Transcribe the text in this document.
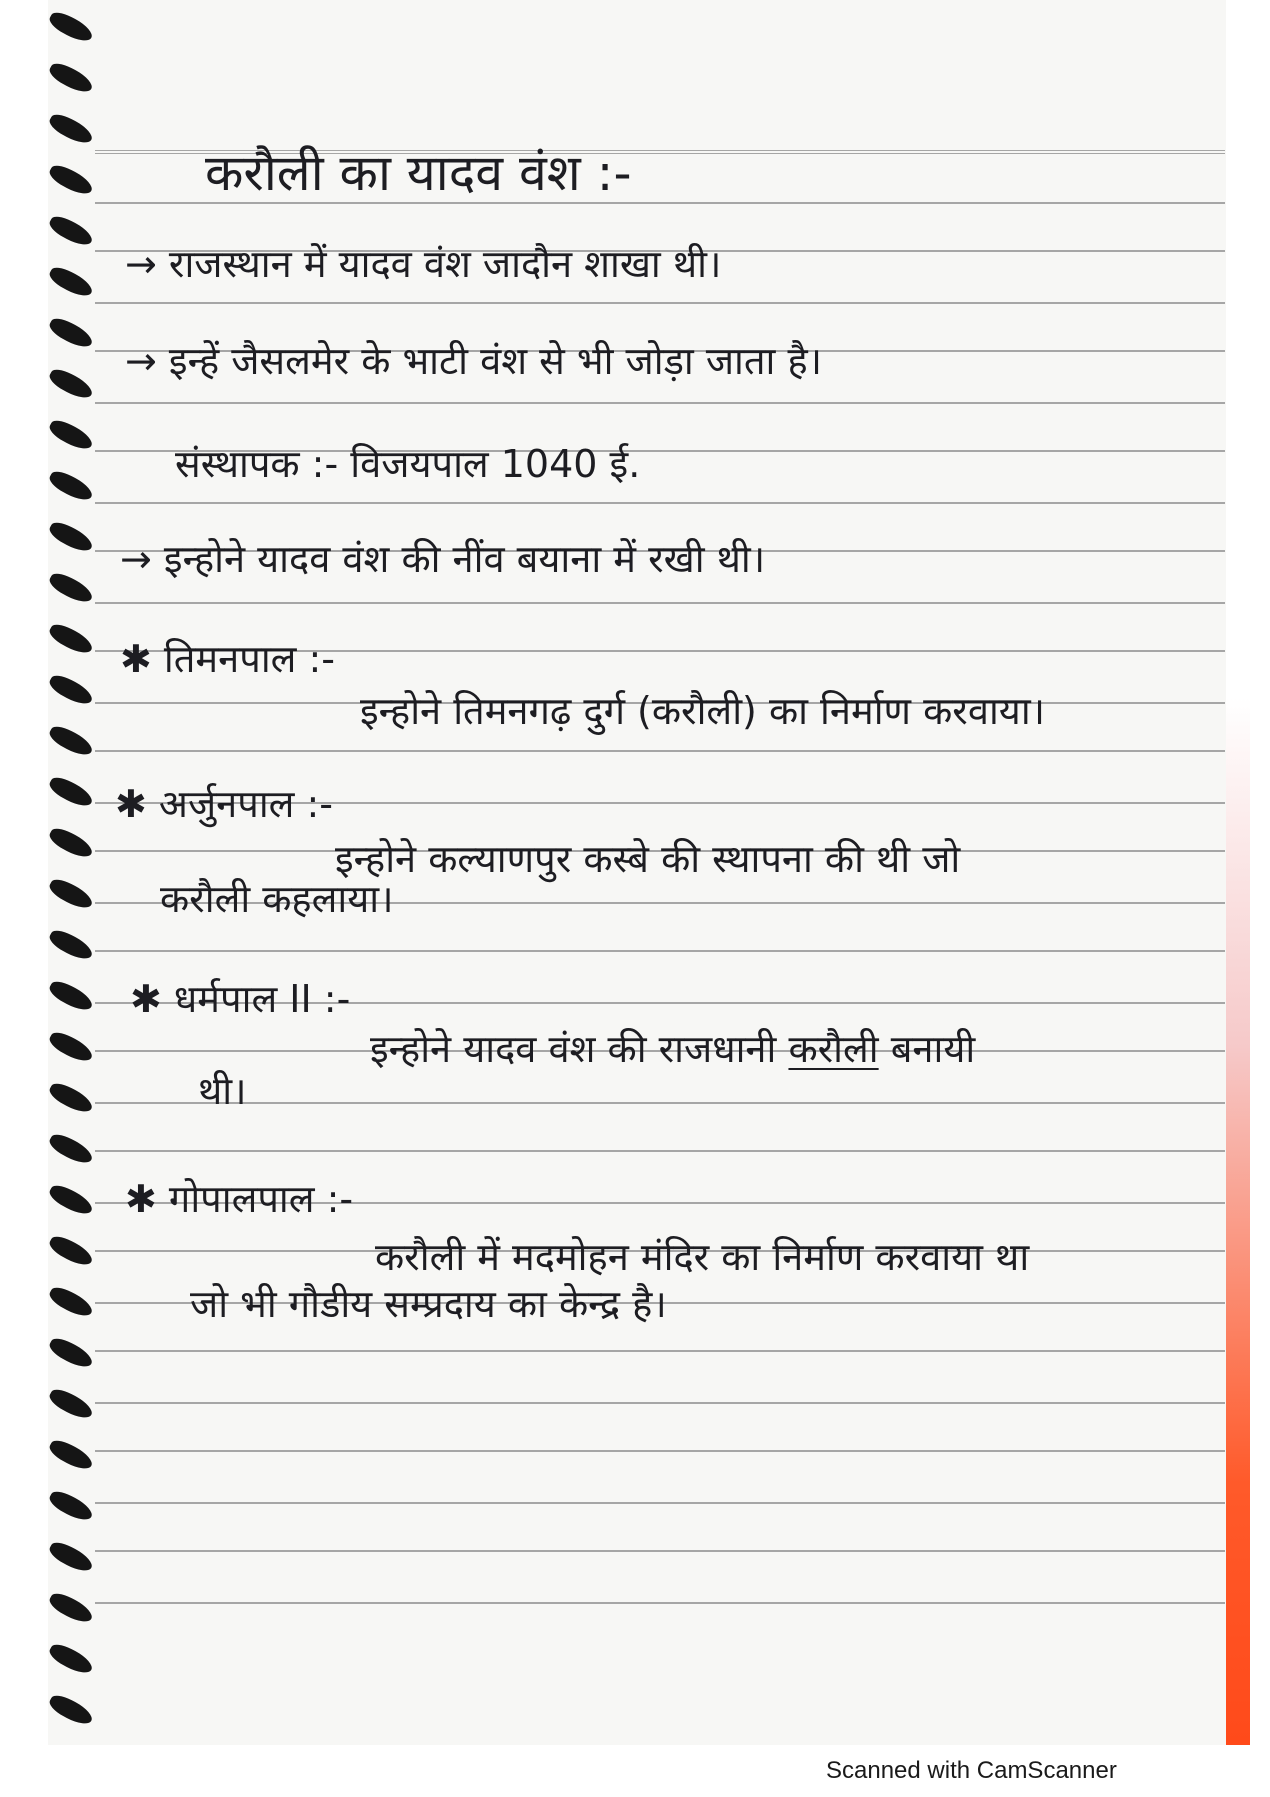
करौली का यादव वंश :-
→ राजस्थान में यादव वंश जादौन शाखा थी।
→ इन्हें जैसलमेर के भाटी वंश से भी जोड़ा जाता है।
संस्थापक :- विजयपाल 1040 ई.
→ इन्होने यादव वंश की नींव बयाना में रखी थी।
✱ तिमनपाल :-
इन्होने तिमनगढ़ दुर्ग (करौली) का निर्माण करवाया।
✱ अर्जुनपाल :-
इन्होने कल्याणपुर कस्बे की स्थापना की थी जो
करौली कहलाया।
✱ धर्मपाल II :-
इन्होने यादव वंश की राजधानी करौली बनायी
थी।
✱ गोपालपाल :-
करौली में मदमोहन मंदिर का निर्माण करवाया था
जो भी गौडीय सम्प्रदाय का केन्द्र है।
Scanned with CamScanner
